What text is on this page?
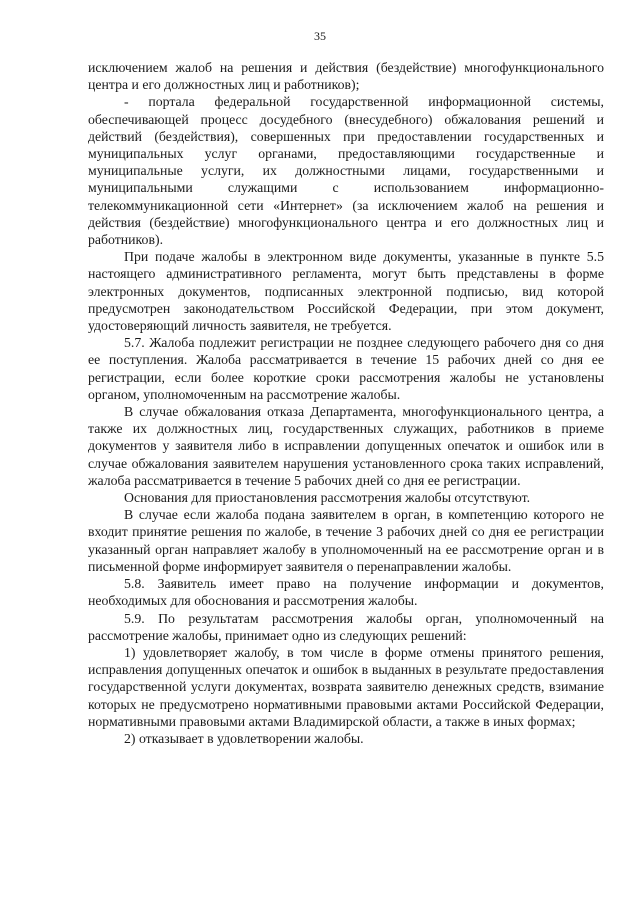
35

исключением жалоб на решения и действия (бездействие) многофункционального центра и его должностных лиц и работников);

- портала федеральной государственной информационной системы, обеспечивающей процесс досудебного (внесудебного) обжалования решений и действий (бездействия), совершенных при предоставлении государственных и муниципальных услуг органами, предоставляющими государственные и муниципальные услуги, их должностными лицами, государственными и муниципальными служащими с использованием информационно-телекоммуникационной сети «Интернет» (за исключением жалоб на решения и действия (бездействие) многофункционального центра и его должностных лиц и работников).

При подаче жалобы в электронном виде документы, указанные в пункте 5.5 настоящего административного регламента, могут быть представлены в форме электронных документов, подписанных электронной подписью, вид которой предусмотрен законодательством Российской Федерации, при этом документ, удостоверяющий личность заявителя, не требуется.

5.7. Жалоба подлежит регистрации не позднее следующего рабочего дня со дня ее поступления. Жалоба рассматривается в течение 15 рабочих дней со дня ее регистрации, если более короткие сроки рассмотрения жалобы не установлены органом, уполномоченным на рассмотрение жалобы.

В случае обжалования отказа Департамента, многофункционального центра, а также их должностных лиц, государственных служащих, работников в приеме документов у заявителя либо в исправлении допущенных опечаток и ошибок или в случае обжалования заявителем нарушения установленного срока таких исправлений, жалоба рассматривается в течение 5 рабочих дней со дня ее регистрации.

Основания для приостановления рассмотрения жалобы отсутствуют.

В случае если жалоба подана заявителем в орган, в компетенцию которого не входит принятие решения по жалобе, в течение 3 рабочих дней со дня ее регистрации указанный орган направляет жалобу в уполномоченный на ее рассмотрение орган и в письменной форме информирует заявителя о перенаправлении жалобы.

5.8. Заявитель имеет право на получение информации и документов, необходимых для обоснования и рассмотрения жалобы.

5.9. По результатам рассмотрения жалобы орган, уполномоченный на рассмотрение жалобы, принимает одно из следующих решений:

1) удовлетворяет жалобу, в том числе в форме отмены принятого решения, исправления допущенных опечаток и ошибок в выданных в результате предоставления государственной услуги документах, возврата заявителю денежных средств, взимание которых не предусмотрено нормативными правовыми актами Российской Федерации, нормативными правовыми актами Владимирской области, а также в иных формах;

2) отказывает в удовлетворении жалобы.
